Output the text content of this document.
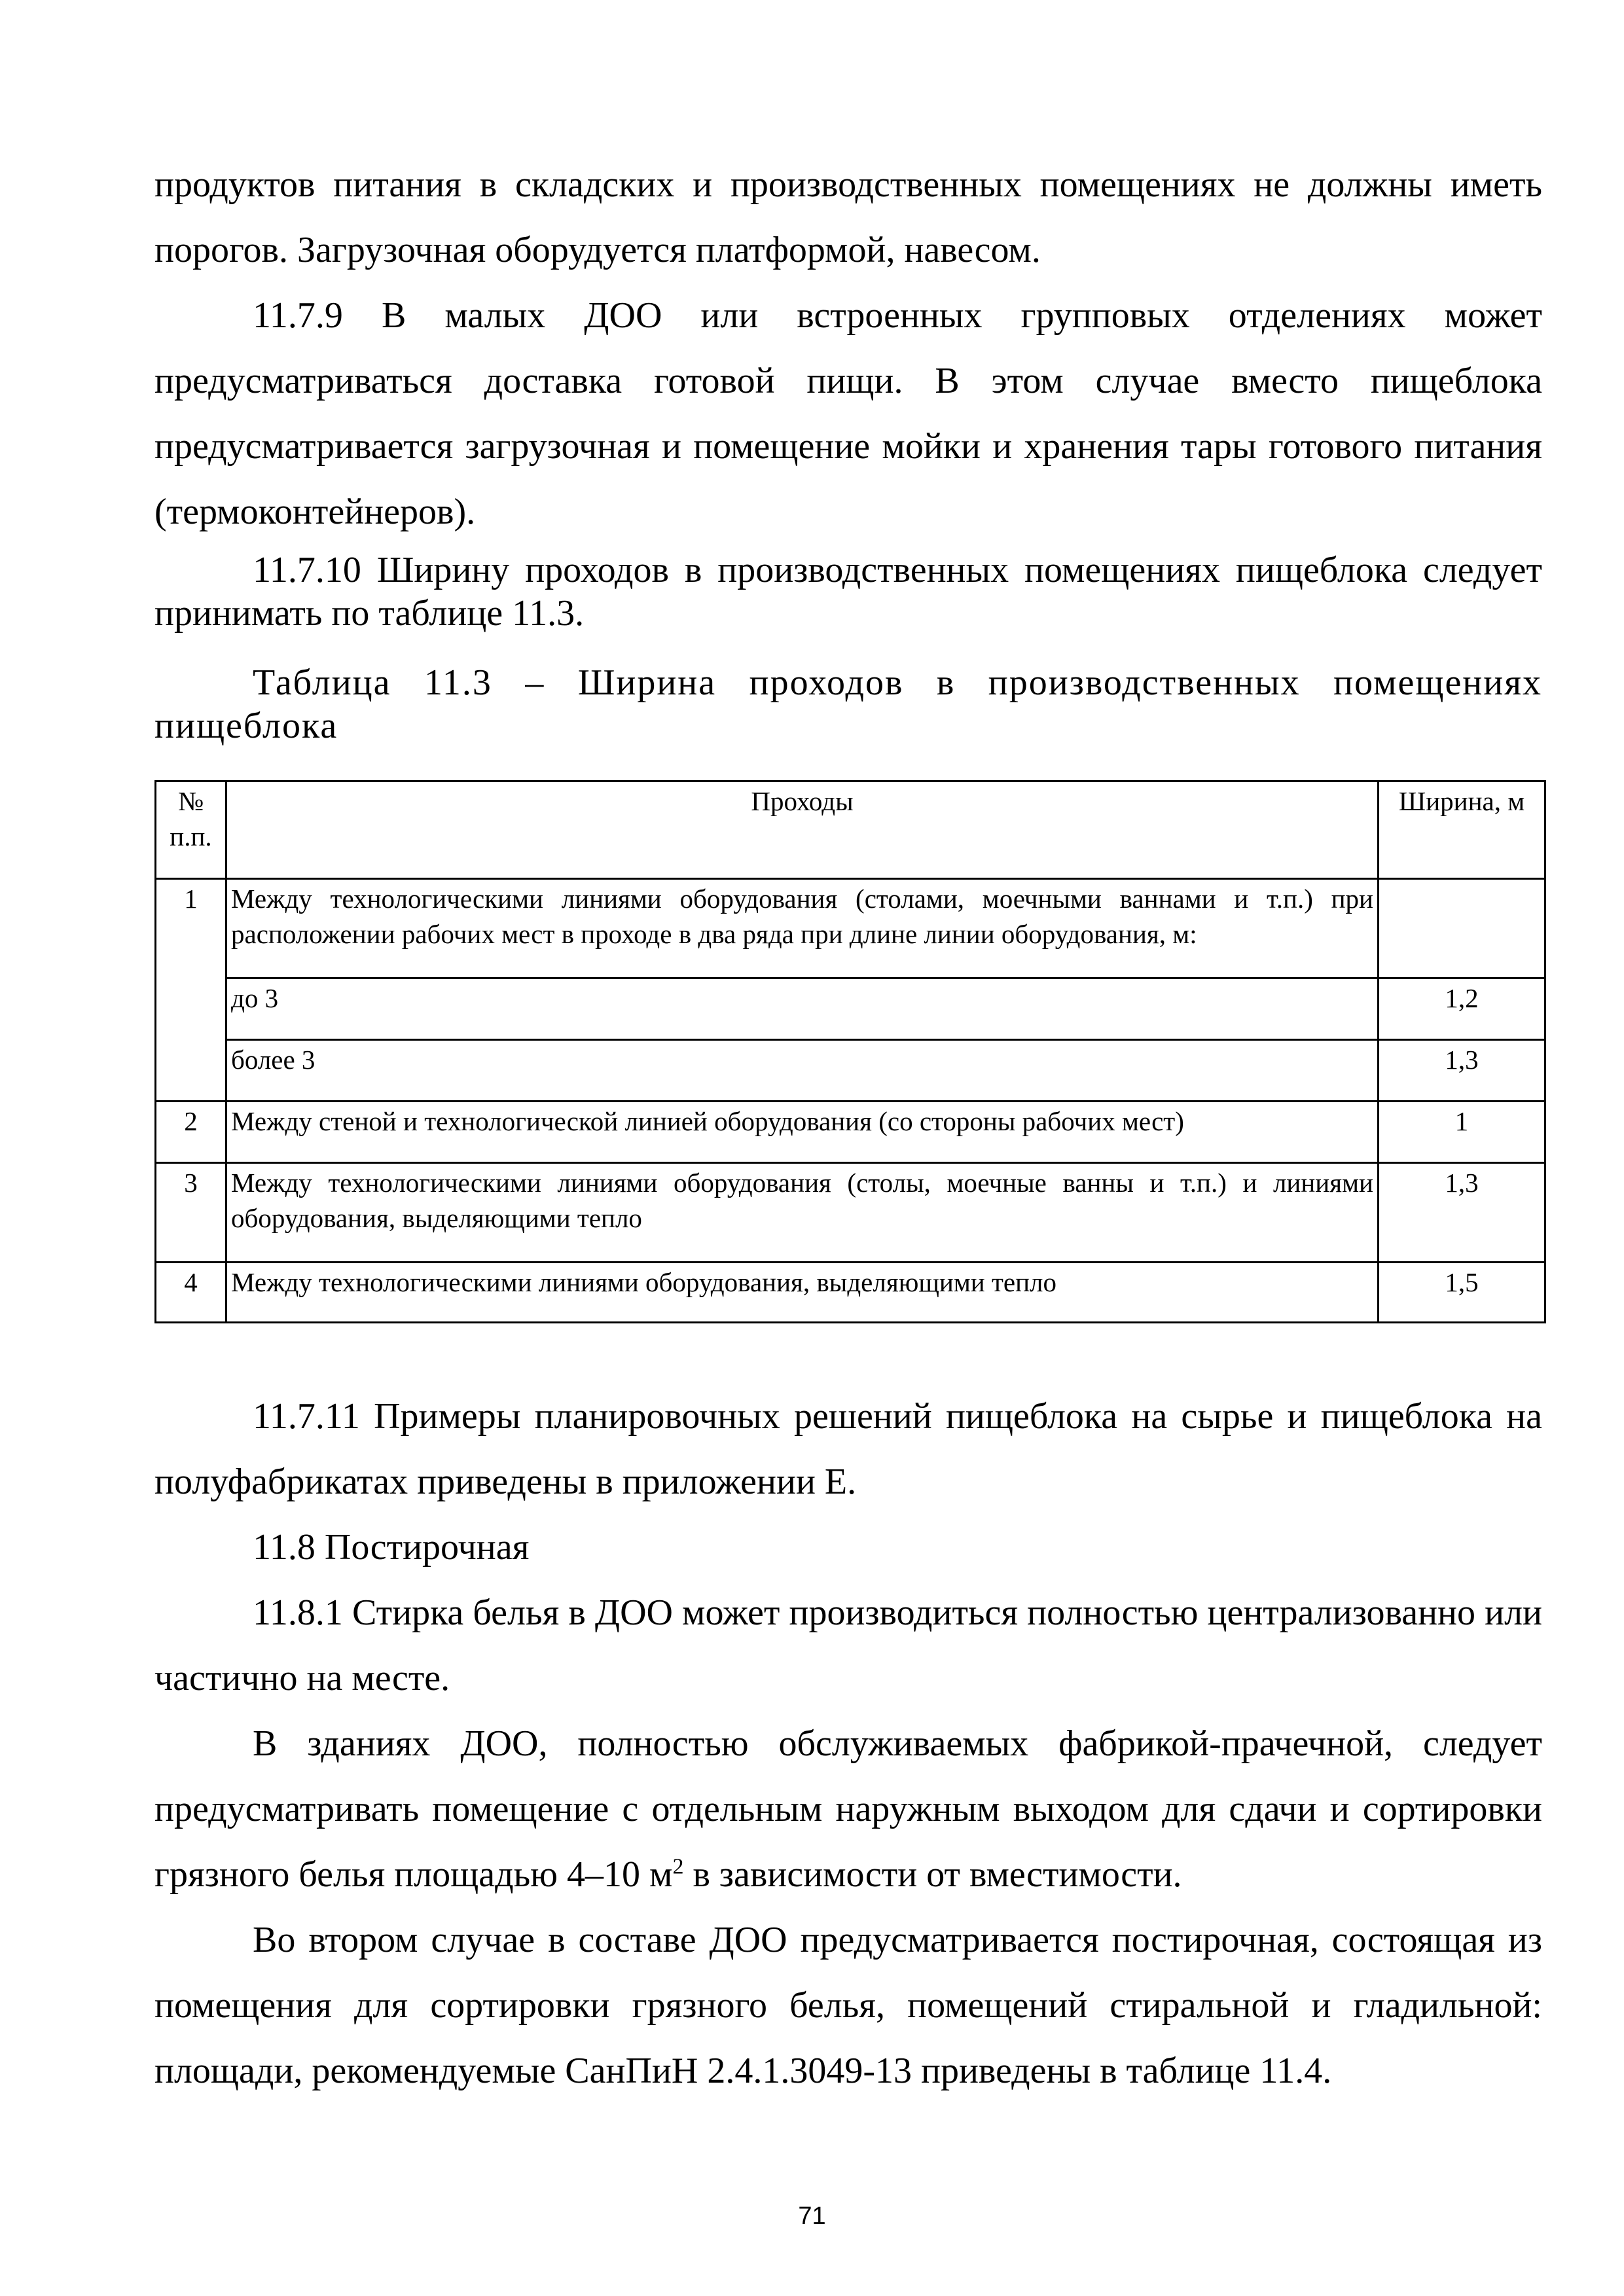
продуктов питания в складских и производственных помещениях не должны иметь порогов. Загрузочная оборудуется платформой, навесом.

11.7.9 В малых ДОО или встроенных групповых отделениях может предусматриваться доставка готовой пищи. В этом случае вместо пищеблока предусматривается загрузочная и помещение мойки и хранения тары готового питания (термоконтейнеров).

11.7.10 Ширину проходов в производственных помещениях пищеблока следует принимать по таблице 11.3.

Таблица 11.3 – Ширина проходов в производственных помещениях пищеблока

№
п.п.	Проходы	Ширина, м
1	Между технологическими линиями оборудования (столами, моечными ваннами и т.п.) при расположении рабочих мест в проходе в два ряда при длине линии оборудования, м:	
	до 3	1,2
	более 3	1,3
2	Между стеной и технологической линией оборудования (со стороны рабочих мест)	1
3	Между технологическими линиями оборудования (столы, моечные ванны и т.п.) и линиями оборудования, выделяющими тепло	1,3
4	Между технологическими линиями оборудования, выделяющими тепло	1,5

11.7.11 Примеры планировочных решений пищеблока на сырье и пищеблока на полуфабрикатах приведены в приложении Е.

11.8 Постирочная

11.8.1 Стирка белья в ДОО может производиться полностью централизованно или частично на месте.

В зданиях ДОО, полностью обслуживаемых фабрикой-прачечной, следует предусматривать помещение с отдельным наружным выходом для сдачи и сортировки грязного белья площадью 4–10 $м^2$ в зависимости от вместимости.

Во втором случае в составе ДОО предусматривается постирочная, состоящая из помещения для сортировки грязного белья, помещений стиральной и гладильной: площади, рекомендуемые СанПиН 2.4.1.3049-13 приведены в таблице 11.4.

71
